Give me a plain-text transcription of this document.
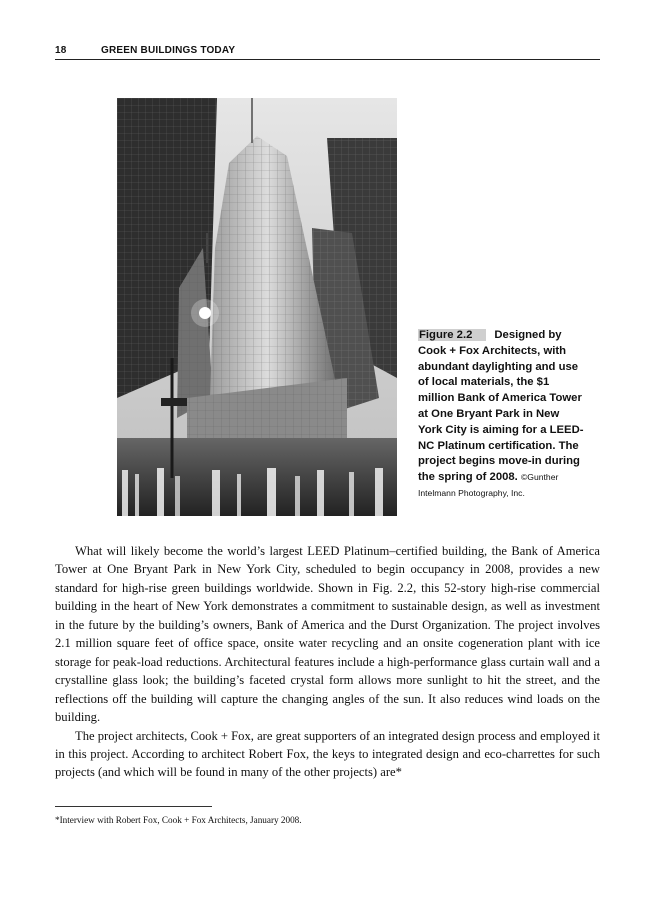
18	GREEN BUILDINGS TODAY
Figure 2.2 Designed by Cook + Fox Architects, with abundant daylighting and use of local materials, the $1 million Bank of America Tower at One Bryant Park in New York City is aiming for a LEED-NC Platinum certification. The project begins move-in during the spring of 2008. ©Gunther Intelmann Photography, Inc.

What will likely become the world’s largest LEED Platinum–certified building, the Bank of America Tower at One Bryant Park in New York City, scheduled to begin occupancy in 2008, provides a new standard for high-rise green buildings worldwide. Shown in Fig. 2.2, this 52-story high-rise commercial building in the heart of New York demonstrates a commitment to sustainable design, as well as investment in the future by the building’s owners, Bank of America and the Durst Organization. The project involves 2.1 million square feet of office space, onsite water recycling and an onsite cogeneration plant with ice storage for peak-load reductions. Architectural features include a high-performance glass curtain wall and a crystalline glass look; the building’s faceted crystal form allows more sunlight to hit the street, and the reflections off the building will capture the changing angles of the sun. It also reduces wind loads on the building.

The project architects, Cook + Fox, are great supporters of an integrated design process and employed it in this project. According to architect Robert Fox, the keys to integrated design and eco-charrettes for such projects (and which will be found in many of the other projects) are*

*Interview with Robert Fox, Cook + Fox Architects, January 2008.
